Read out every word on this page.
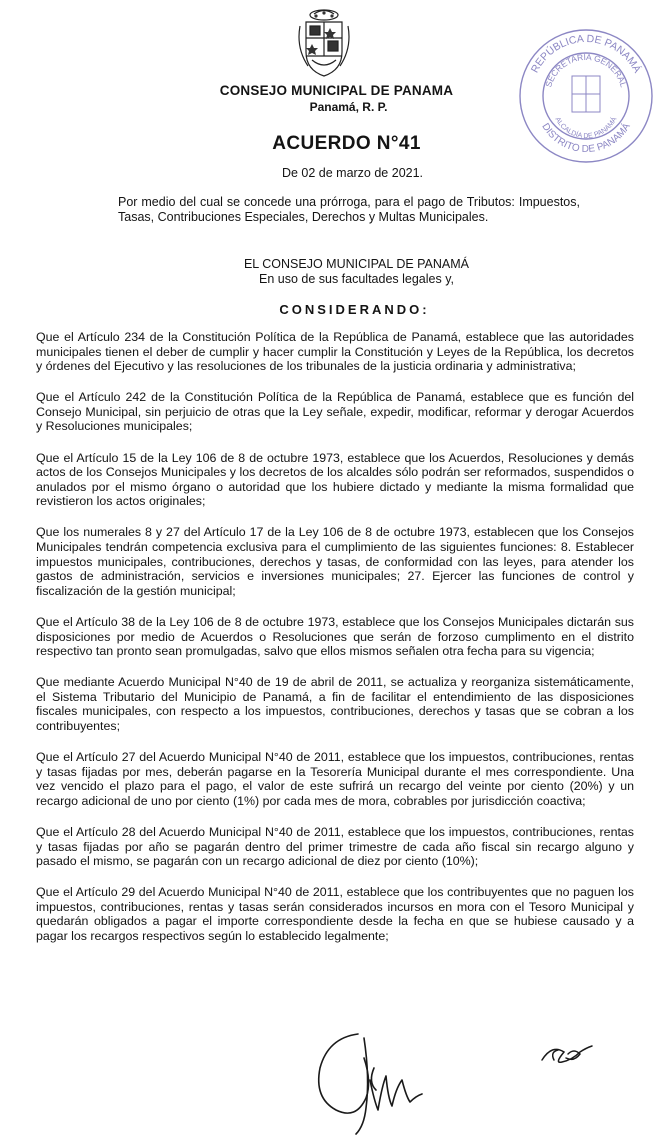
REPÚBLICA DE PANAMÁ
SECRETARÍA GENERAL
DISTRITO DE PANAMÁ
ALCALDÍA DE PANAMÁ
CONSEJO MUNICIPAL DE PANAMA
Panamá, R. P.
ACUERDO N°41
De 02 de marzo de 2021.
Por medio del cual se concede una prórroga, para el pago de Tributos: Impuestos, Tasas, Contribuciones Especiales, Derechos y Multas Municipales.
EL CONSEJO MUNICIPAL DE PANAMÁ
En uso de sus facultades legales y,
CONSIDERANDO:

Que el Artículo 234 de la Constitución Política de la República de Panamá, establece que las autoridades municipales tienen el deber de cumplir y hacer cumplir la Constitución y Leyes de la República, los decretos y órdenes del Ejecutivo y las resoluciones de los tribunales de la justicia ordinaria y administrativa;

Que el Artículo 242 de la Constitución Política de la República de Panamá, establece que es función del Consejo Municipal, sin perjuicio de otras que la Ley señale, expedir, modificar, reformar y derogar Acuerdos y Resoluciones municipales;

Que el Artículo 15 de la Ley 106 de 8 de octubre 1973, establece que los Acuerdos, Resoluciones y demás actos de los Consejos Municipales y los decretos de los alcaldes sólo podrán ser reformados, suspendidos o anulados por el mismo órgano o autoridad que los hubiere dictado y mediante la misma formalidad que revistieron los actos originales;

Que los numerales 8 y 27 del Artículo 17 de la Ley 106 de 8 de octubre 1973, establecen que los Consejos Municipales tendrán competencia exclusiva para el cumplimiento de las siguientes funciones: 8. Establecer impuestos municipales, contribuciones, derechos y tasas, de conformidad con las leyes, para atender los gastos de administración, servicios e inversiones municipales; 27. Ejercer las funciones de control y fiscalización de la gestión municipal;

Que el Artículo 38 de la Ley 106 de 8 de octubre 1973, establece que los Consejos Municipales dictarán sus disposiciones por medio de Acuerdos o Resoluciones que serán de forzoso cumplimento en el distrito respectivo tan pronto sean promulgadas, salvo que ellos mismos señalen otra fecha para su vigencia;

Que mediante Acuerdo Municipal N°40 de 19 de abril de 2011, se actualiza y reorganiza sistemáticamente, el Sistema Tributario del Municipio de Panamá, a fin de facilitar el entendimiento de las disposiciones fiscales municipales, con respecto a los impuestos, contribuciones, derechos y tasas que se cobran a los contribuyentes;

Que el Artículo 27 del Acuerdo Municipal N°40 de 2011, establece que los impuestos, contribuciones, rentas y tasas fijadas por mes, deberán pagarse en la Tesorería Municipal durante el mes correspondiente. Una vez vencido el plazo para el pago, el valor de este sufrirá un recargo del veinte por ciento (20%) y un recargo adicional de uno por ciento (1%) por cada mes de mora, cobrables por jurisdicción coactiva;

Que el Artículo 28 del Acuerdo Municipal N°40 de 2011, establece que los impuestos, contribuciones, rentas y tasas fijadas por año se pagarán dentro del primer trimestre de cada año fiscal sin recargo alguno y pasado el mismo, se pagarán con un recargo adicional de diez por ciento (10%);

Que el Artículo 29 del Acuerdo Municipal N°40 de 2011, establece que los contribuyentes que no paguen los impuestos, contribuciones, rentas y tasas serán considerados incursos en mora con el Tesoro Municipal y quedarán obligados a pagar el importe correspondiente desde la fecha en que se hubiese causado y a pagar los recargos respectivos según lo establecido legalmente;
